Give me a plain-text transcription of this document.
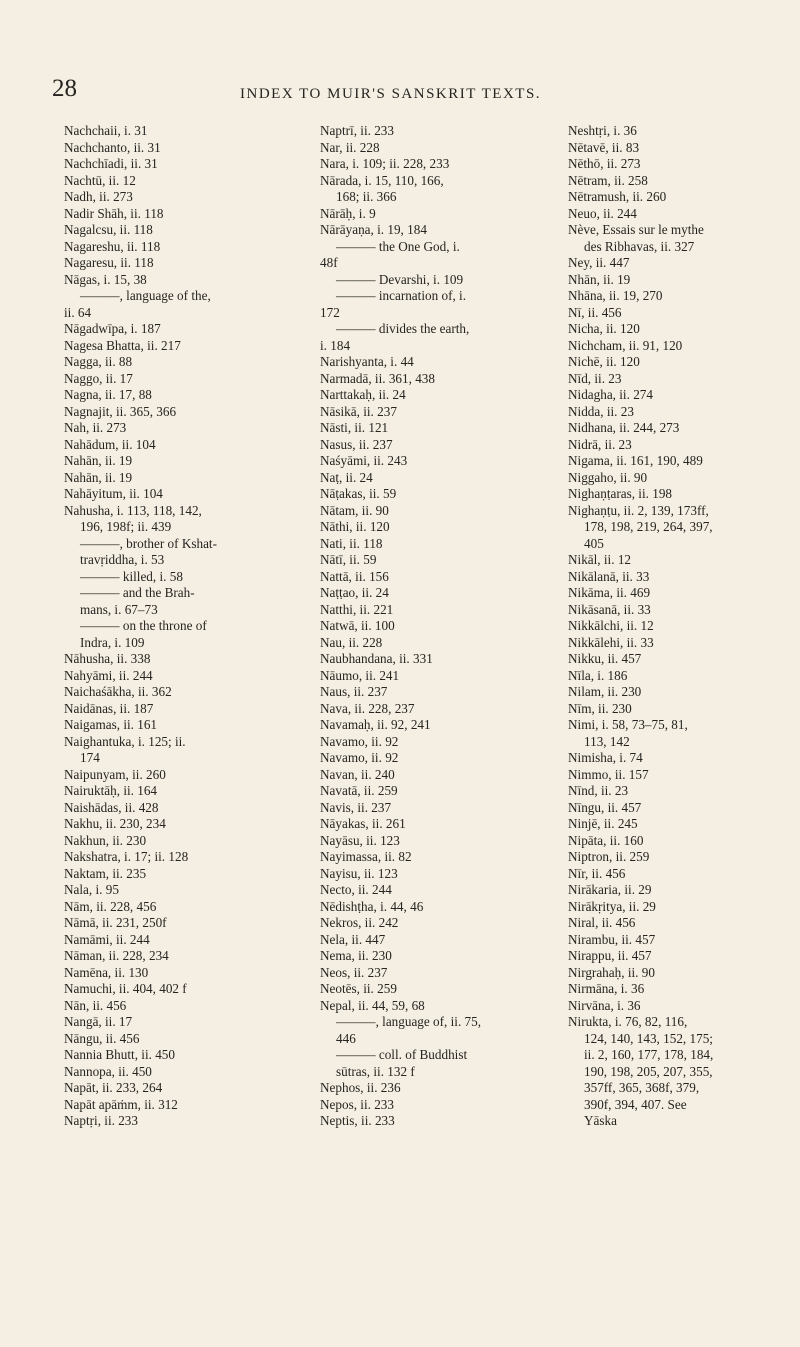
28	INDEX TO MUIR'S SANSKRIT TEXTS.
Nachchaii, i. 31
Nachchanto, ii. 31
Nachchīadi, ii. 31
Nachtū, ii. 12
Nadh, ii. 273
Nadir Shāh, ii. 118
Nagalcsu, ii. 118
Nagareshu, ii. 118
Nagaresu, ii. 118
Nāgas, i. 15, 38
———, language of the,
ii. 64
Nāgadwīpa, i. 187
Nagesa Bhatta, ii. 217
Nagga, ii. 88
Naggo, ii. 17
Nagna, ii. 17, 88
Nagnajit, ii. 365, 366
Nah, ii. 273
Nahādum, ii. 104
Nahān, ii. 19
Nahān, ii. 19
Nahāyitum, ii. 104
Nahusha, i. 113, 118, 142,
196, 198f; ii. 439
———, brother of Kshat-
travṛiddha, i. 53
——— killed, i. 58
——— and the Brah-
mans, i. 67–73
——— on the throne of
Indra, i. 109
Nāhusha, ii. 338
Nahyāmi, ii. 244
Naichaśākha, ii. 362
Naidānas, ii. 187
Naigamas, ii. 161
Naighantuka, i. 125; ii.
174
Naipunyam, ii. 260
Nairuktāḥ, ii. 164
Naishādas, ii. 428
Nakhu, ii. 230, 234
Nakhun, ii. 230
Nakshatra, i. 17; ii. 128
Naktam, ii. 235
Nala, i. 95
Nām, ii. 228, 456
Nāmā, ii. 231, 250f
Namāmi, ii. 244
Nāman, ii. 228, 234
Namēna, ii. 130
Namuchi, ii. 404, 402 f
Nān, ii. 456
Nangā, ii. 17
Nāngu, ii. 456
Nannia Bhutt, ii. 450
Nannopa, ii. 450
Napāt, ii. 233, 264
Napāt apāṁm, ii. 312
Naptṛi, ii. 233
Naptrī, ii. 233
Nar, ii. 228
Nara, i. 109; ii. 228, 233
Nārada, i. 15, 110, 166,
168; ii. 366
Nārāḥ, i. 9
Nārāyaṇa, i. 19, 184
——— the One God, i.
48f
——— Devarshi, i. 109
——— incarnation of, i.
172
——— divides the earth,
i. 184
Narishyanta, i. 44
Narmadā, ii. 361, 438
Narttakaḥ, ii. 24
Nāsikā, ii. 237
Nāsti, ii. 121
Nasus, ii. 237
Naśyāmi, ii. 243
Naṭ, ii. 24
Nāṭakas, ii. 59
Nātam, ii. 90
Nāthi, ii. 120
Nati, ii. 118
Nātī, ii. 59
Nattā, ii. 156
Naṭṭao, ii. 24
Natthi, ii. 221
Natwā, ii. 100
Nau, ii. 228
Naubhandana, ii. 331
Nāumo, ii. 241
Naus, ii. 237
Nava, ii. 228, 237
Navamaḥ, ii. 92, 241
Navamo, ii. 92
Navamo, ii. 92
Navan, ii. 240
Navatā, ii. 259
Navis, ii. 237
Nāyakas, ii. 261
Nayāsu, ii. 123
Nayimassa, ii. 82
Nayisu, ii. 123
Necto, ii. 244
Nēdishṭha, i. 44, 46
Nekros, ii. 242
Nela, ii. 447
Nema, ii. 230
Neos, ii. 237
Neotēs, ii. 259
Nepal, ii. 44, 59, 68
———, language of, ii. 75,
446
——— coll. of Buddhist
sūtras, ii. 132 f
Nephos, ii. 236
Nepos, ii. 233
Neptis, ii. 233
Neshtṛi, i. 36
Nētavē, ii. 83
Nēthō, ii. 273
Nētram, ii. 258
Nētramush, ii. 260
Neuo, ii. 244
Nève, Essais sur le mythe
des Ribhavas, ii. 327
Ney, ii. 447
Nhān, ii. 19
Nhāna, ii. 19, 270
Nī, ii. 456
Nicha, ii. 120
Nichcham, ii. 91, 120
Nichē, ii. 120
Nīd, ii. 23
Nidagha, ii. 274
Nidda, ii. 23
Nidhana, ii. 244, 273
Nidrā, ii. 23
Nigama, ii. 161, 190, 489
Niggaho, ii. 90
Nighaṇṭaras, ii. 198
Nighaṇṭu, ii. 2, 139, 173ff,
178, 198, 219, 264, 397,
405
Nikāl, ii. 12
Nikālanā, ii. 33
Nikāma, ii. 469
Nikāsanā, ii. 33
Nikkālchi, ii. 12
Nikkālehi, ii. 33
Nikku, ii. 457
Nīla, i. 186
Nilam, ii. 230
Nīm, ii. 230
Nimi, i. 58, 73–75, 81,
113, 142
Nimisha, i. 74
Nimmo, ii. 157
Nīnd, ii. 23
Nīngu, ii. 457
Ninjē, ii. 245
Nipāta, ii. 160
Niptron, ii. 259
Nīr, ii. 456
Nirākaria, ii. 29
Nirākṛitya, ii. 29
Niral, ii. 456
Nirambu, ii. 457
Nirappu, ii. 457
Nirgrahaḥ, ii. 90
Nirmāna, i. 36
Nirvāna, i. 36
Nirukta, i. 76, 82, 116,
124, 140, 143, 152, 175;
ii. 2, 160, 177, 178, 184,
190, 198, 205, 207, 355,
357ff, 365, 368f, 379,
390f, 394, 407. See
Yāska
